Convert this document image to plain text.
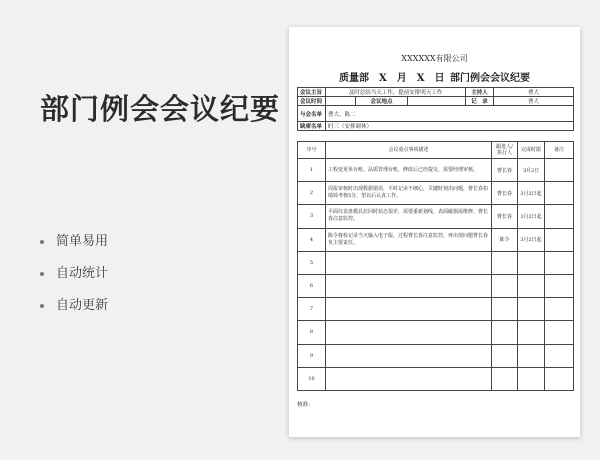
部门例会会议纪要
简单易用
自动统计
自动更新
XXXXXX有限公司
质量部　X　月　X　日 部门例会会议纪要
会议主旨	及时总结当天工作，提前安排明天工作			主持人	曹大
会议时间		会议地点		记　录	曹大
与会名单	曹大、陈二				
缺席名单	时三（安排调休）				
序号	会议重点事项描述	跟进人/执行人	完成时限	备注
1	工程变更单台账、品质管理台账，修改后已经提交，需要经理审核。	曹长春	3月2日	
2	周报审核时出现数据错误，平时记录不细心，关键时刻出问题，曹长春扣绩效考核5分，望以后认真工作。	曹长春	3月2日起	
3	平面仪表盘模具拉回时状态很差，需要重新划线，表面磁损需维修，曹长春注意监控。	曹长春	3月2日起	
4	陈令将检记录当天输入电子版，过程曹长春注意监控，再出现问题曹长春负主要责任。	陈令	3月2日起	
5				
6				
7				
8				
9				
10				
核准：
